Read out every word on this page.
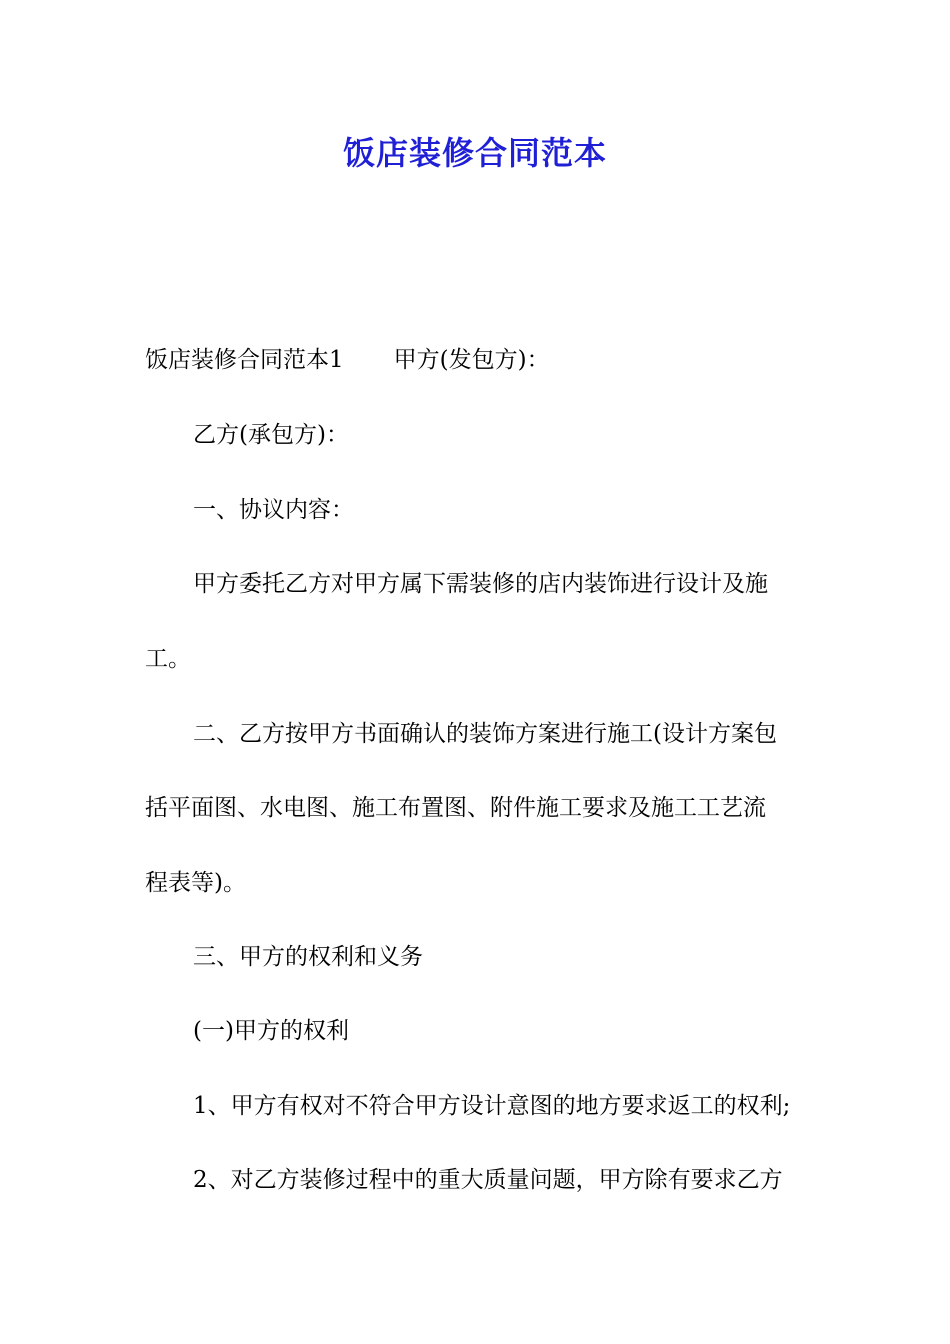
饭店装修合同范本
饭店装修合同范本1 甲方(发包方)：
乙方(承包方)：
一、协议内容：
甲方委托乙方对甲方属下需装修的店内装饰进行设计及施
工。
二、乙方按甲方书面确认的装饰方案进行施工(设计方案包
括平面图、水电图、施工布置图、附件施工要求及施工工艺流
程表等)。
三、甲方的权利和义务
(一)甲方的权利
1、甲方有权对不符合甲方设计意图的地方要求返工的权利;
2、对乙方装修过程中的重大质量问题，甲方除有要求乙方
